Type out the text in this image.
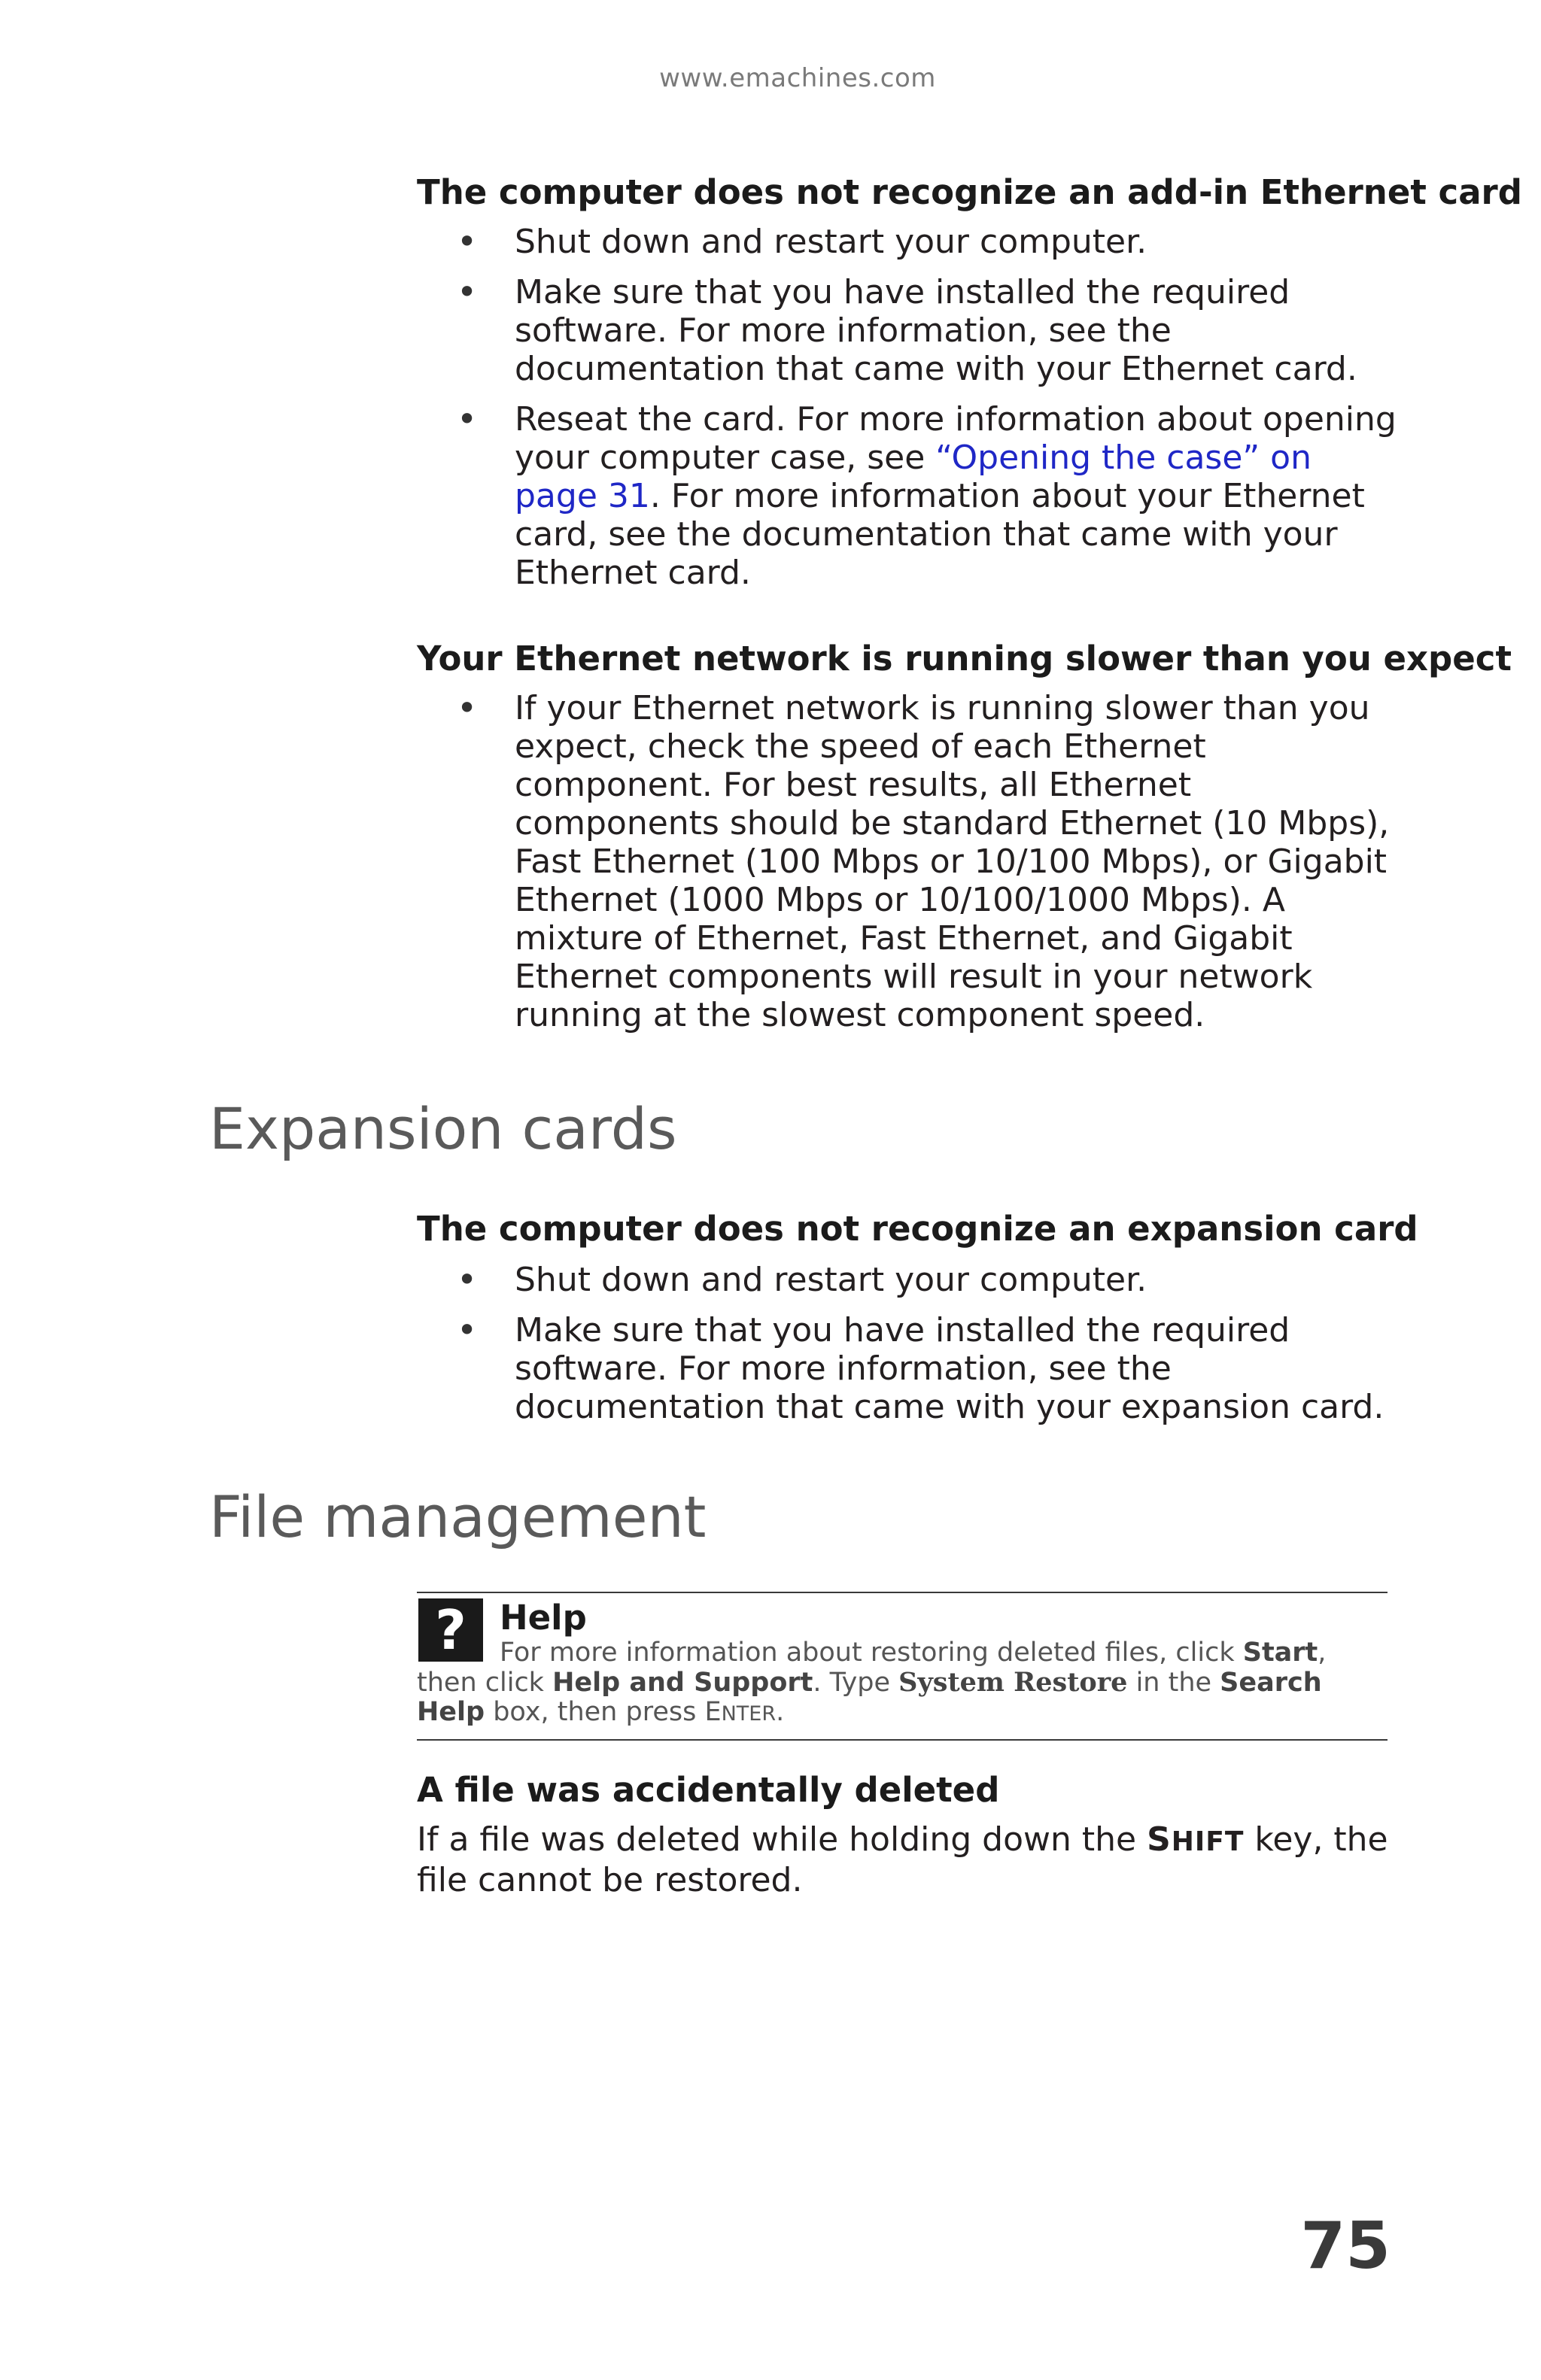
www.emachines.com
The computer does not recognize an add-in Ethernet card
• Shut down and restart your computer.
• Make sure that you have installed the required software. For more information, see the documentation that came with your Ethernet card.
• Reseat the card. For more information about opening your computer case, see “Opening the case” on page 31. For more information about your Ethernet card, see the documentation that came with your Ethernet card.
Your Ethernet network is running slower than you expect
• If your Ethernet network is running slower than you expect, check the speed of each Ethernet component. For best results, all Ethernet components should be standard Ethernet (10 Mbps), Fast Ethernet (100 Mbps or 10/100 Mbps), or Gigabit Ethernet (1000 Mbps or 10/100/1000 Mbps). A mixture of Ethernet, Fast Ethernet, and Gigabit Ethernet components will result in your network running at the slowest component speed.
Expansion cards
The computer does not recognize an expansion card
• Shut down and restart your computer.
• Make sure that you have installed the required software. For more information, see the documentation that came with your expansion card.
File management
? Help
For more information about restoring deleted files, click Start, then click Help and Support. Type System Restore in the Search Help box, then press ENTER.
A file was accidentally deleted
If a file was deleted while holding down the SHIFT key, the file cannot be restored.
75
